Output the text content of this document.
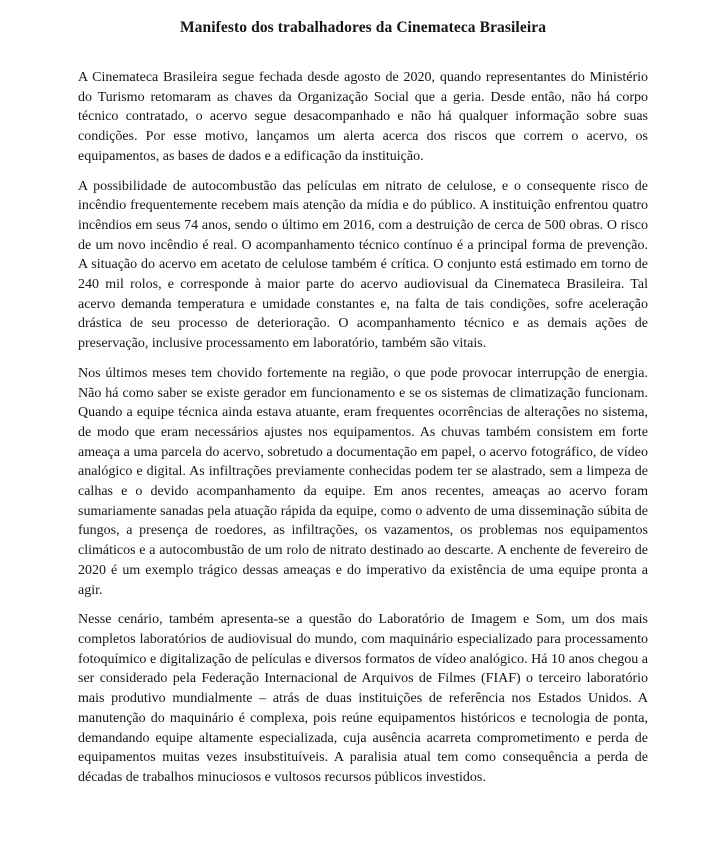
Manifesto dos trabalhadores da Cinemateca Brasileira

A Cinemateca Brasileira segue fechada desde agosto de 2020, quando representantes do Ministério do Turismo retomaram as chaves da Organização Social que a geria. Desde então, não há corpo técnico contratado, o acervo segue desacompanhado e não há qualquer informação sobre suas condições. Por esse motivo, lançamos um alerta acerca dos riscos que correm o acervo, os equipamentos, as bases de dados e a edificação da instituição.

A possibilidade de autocombustão das películas em nitrato de celulose, e o consequente risco de incêndio frequentemente recebem mais atenção da mídia e do público. A instituição enfrentou quatro incêndios em seus 74 anos, sendo o último em 2016, com a destruição de cerca de 500 obras. O risco de um novo incêndio é real. O acompanhamento técnico contínuo é a principal forma de prevenção. A situação do acervo em acetato de celulose também é crítica. O conjunto está estimado em torno de 240 mil rolos, e corresponde à maior parte do acervo audiovisual da Cinemateca Brasileira. Tal acervo demanda temperatura e umidade constantes e, na falta de tais condições, sofre aceleração drástica de seu processo de deterioração. O acompanhamento técnico e as demais ações de preservação, inclusive processamento em laboratório, também são vitais.

Nos últimos meses tem chovido fortemente na região, o que pode provocar interrupção de energia. Não há como saber se existe gerador em funcionamento e se os sistemas de climatização funcionam. Quando a equipe técnica ainda estava atuante, eram frequentes ocorrências de alterações no sistema, de modo que eram necessários ajustes nos equipamentos. As chuvas também consistem em forte ameaça a uma parcela do acervo, sobretudo a documentação em papel, o acervo fotográfico, de vídeo analógico e digital. As infiltrações previamente conhecidas podem ter se alastrado, sem a limpeza de calhas e o devido acompanhamento da equipe. Em anos recentes, ameaças ao acervo foram sumariamente sanadas pela atuação rápida da equipe, como o advento de uma disseminação súbita de fungos, a presença de roedores, as infiltrações, os vazamentos, os problemas nos equipamentos climáticos e a autocombustão de um rolo de nitrato destinado ao descarte. A enchente de fevereiro de 2020 é um exemplo trágico dessas ameaças e do imperativo da existência de uma equipe pronta a agir.

Nesse cenário, também apresenta-se a questão do Laboratório de Imagem e Som, um dos mais completos laboratórios de audiovisual do mundo, com maquinário especializado para processamento fotoquímico e digitalização de películas e diversos formatos de vídeo analógico. Há 10 anos chegou a ser considerado pela Federação Internacional de Arquivos de Filmes (FIAF) o terceiro laboratório mais produtivo mundialmente – atrás de duas instituições de referência nos Estados Unidos. A manutenção do maquinário é complexa, pois reúne equipamentos históricos e tecnologia de ponta, demandando equipe altamente especializada, cuja ausência acarreta comprometimento e perda de equipamentos muitas vezes insubstituíveis. A paralisia atual tem como consequência a perda de décadas de trabalhos minuciosos e vultosos recursos públicos investidos.
